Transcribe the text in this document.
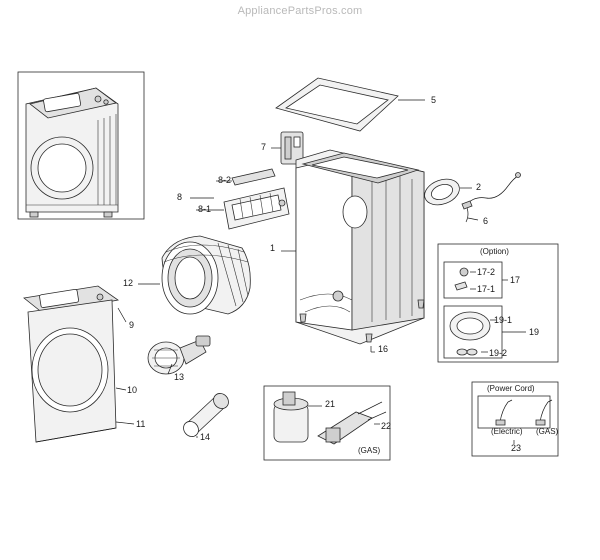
AppliancePartsPros.com
1
2
5
6
7
8
8-1
8-2
9
10
11
12
13
14
16
17
17-1
17-2
19
19-1
19-2
21
22
23
(Option)
(Power Cord)
(Electric) (GAS)
(GAS)
